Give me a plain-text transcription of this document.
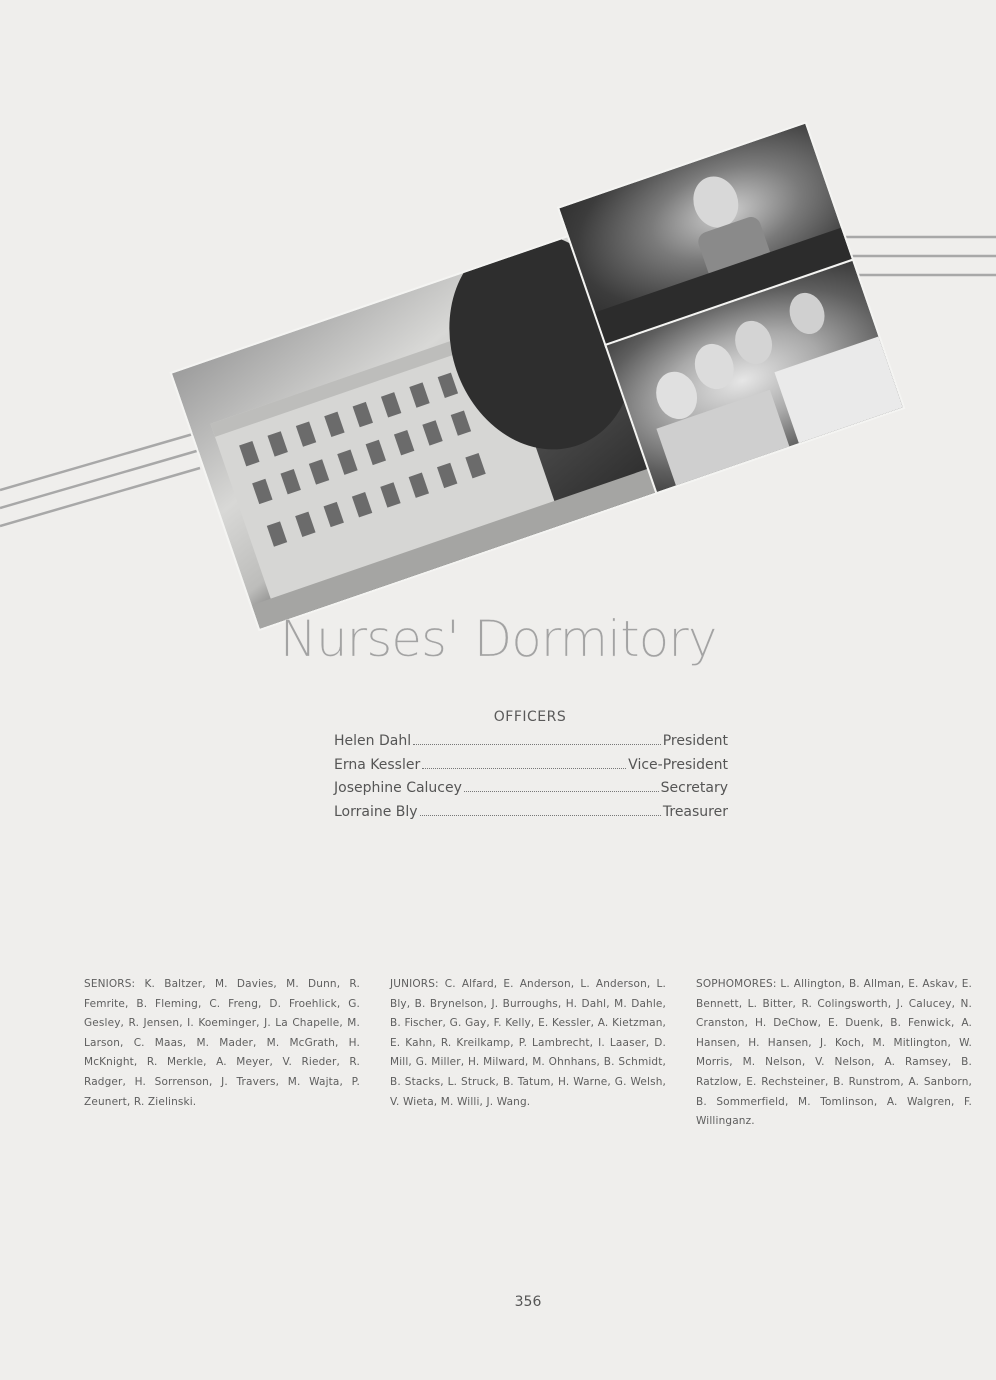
Nurses' Dormitory
OFFICERS
Helen Dahl	President
Erna Kessler	Vice-President
Josephine Calucey	Secretary
Lorraine Bly	Treasurer
SENIORS: K. Baltzer, M. Davies, M. Dunn, R. Femrite, B. Fleming, C. Freng, D. Froehlick, G. Gesley, R. Jensen, I. Koeminger, J. La Chapelle, M. Larson, C. Maas, M. Mader, M. McGrath, H. McKnight, R. Merkle, A. Meyer, V. Rieder, R. Radger, H. Sorrenson, J. Travers, M. Wajta, P. Zeunert, R. Zielinski.
JUNIORS: C. Alfard, E. Anderson, L. Anderson, L. Bly, B. Brynelson, J. Burroughs, H. Dahl, M. Dahle, B. Fischer, G. Gay, F. Kelly, E. Kessler, A. Kietzman, E. Kahn, R. Kreilkamp, P. Lambrecht, I. Laaser, D. Mill, G. Miller, H. Milward, M. Ohnhans, B. Schmidt, B. Stacks, L. Struck, B. Tatum, H. Warne, G. Welsh, V. Wieta, M. Willi, J. Wang.
SOPHOMORES: L. Allington, B. Allman, E. Askav, E. Bennett, L. Bitter, R. Colingsworth, J. Calucey, N. Cranston, H. DeChow, E. Duenk, B. Fenwick, A. Hansen, H. Hansen, J. Koch, M. Mitlington, W. Morris, M. Nelson, V. Nelson, A. Ramsey, B. Ratzlow, E. Rechsteiner, B. Runstrom, A. Sanborn, B. Sommerfield, M. Tomlinson, A. Walgren, F. Willinganz.
356
